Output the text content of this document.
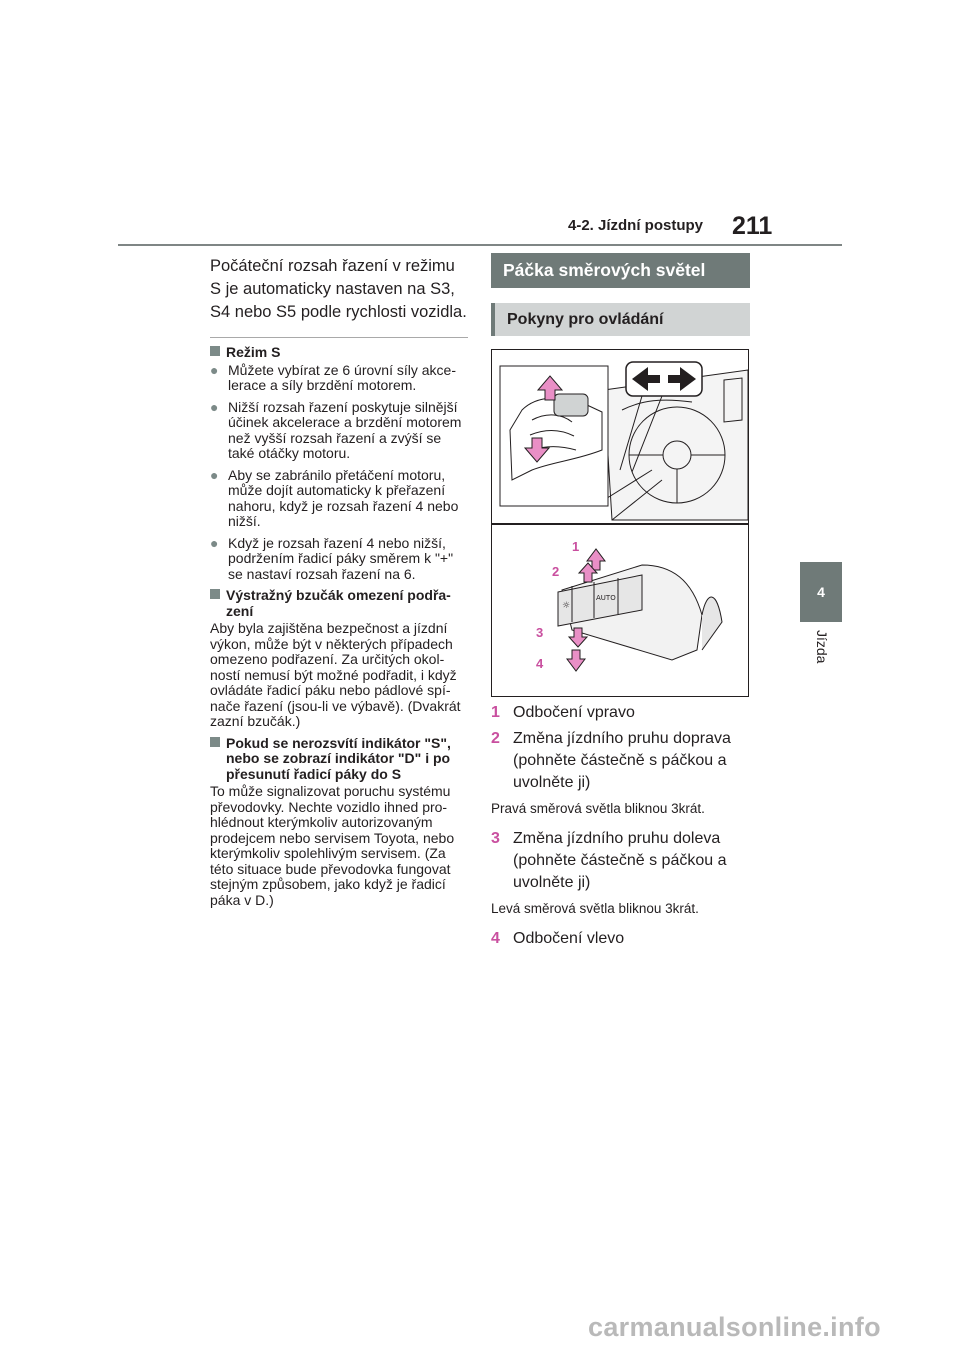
4-2. Jízdní postupy 211
4
Jízda
Počáteční rozsah řazení v režimu S je automaticky nastaven na S3, S4 nebo S5 podle rychlosti vozidla.
Režim S
● Můžete vybírat ze 6 úrovní síly akce-lerace a síly brzdění motorem.
● Nižší rozsah řazení poskytuje silnější účinek akcelerace a brzdění motorem než vyšší rozsah řazení a zvýší se také otáčky motoru.
● Aby se zabránilo přetáčení motoru, může dojít automaticky k přeřazení nahoru, když je rozsah řazení 4 nebo nižší.
● Když je rozsah řazení 4 nebo nižší, podržením řadicí páky směrem k "+" se nastaví rozsah řazení na 6.
Výstražný bzučák omezení podřa-zení
Aby byla zajištěna bezpečnost a jízdní výkon, může být v některých případech omezeno podřazení. Za určitých okol-ností nemusí být možné podřadit, i když ovládáte řadicí páku nebo pádlové spí-nače řazení (jsou-li ve výbavě). (Dvakrát zazní bzučák.)
Pokud se nerozsvítí indikátor "S", nebo se zobrazí indikátor "D" i po přesunutí řadicí páky do S
To může signalizovat poruchu systému převodovky. Nechte vozidlo ihned pro-hlédnout kterýmkoliv autorizovaným prodejcem nebo servisem Toyota, nebo kterýmkoliv spolehlivým servisem. (Za této situace bude převodovka fungovat stejným způsobem, jako když je řadicí páka v D.)
Páčka směrových světel
Pokyny pro ovládání
☼
AUTO
1
2
3
4
1 Odbočení vpravo
2 Změna jízdního pruhu doprava (pohněte částečně s páčkou a uvolněte ji)
Pravá směrová světla bliknou 3krát.
3 Změna jízdního pruhu doleva (pohněte částečně s páčkou a uvolněte ji)
Levá směrová světla bliknou 3krát.
4 Odbočení vlevo
carmanualsonline.info
